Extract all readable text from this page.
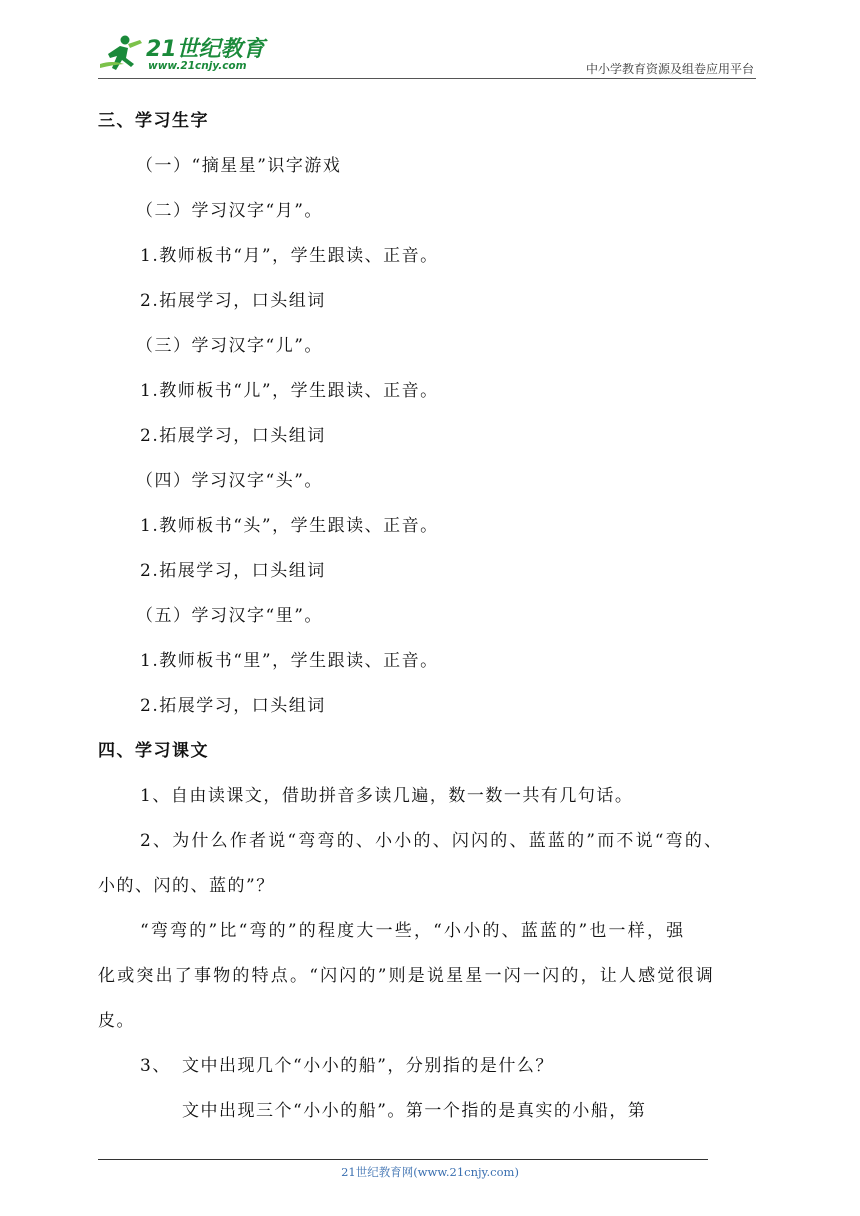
21世纪教育
www.21cnjy.com	中小学教育资源及组卷应用平台
三、学习生字
（一）“摘星星”识字游戏
（二）学习汉字“月”。
1.教师板书“月”，学生跟读、正音。
2.拓展学习，口头组词
（三）学习汉字“儿”。
1.教师板书“儿”，学生跟读、正音。
2.拓展学习，口头组词
（四）学习汉字“头”。
1.教师板书“头”，学生跟读、正音。
2.拓展学习，口头组词
（五）学习汉字“里”。
1.教师板书“里”，学生跟读、正音。
2.拓展学习，口头组词
四、学习课文
1、自由读课文，借助拼音多读几遍，数一数一共有几句话。
2、为什么作者说“弯弯的、小小的、闪闪的、蓝蓝的”而不说“弯的、
小的、闪的、蓝的”？
“弯弯的”比“弯的”的程度大一些，“小小的、蓝蓝的”也一样，强
化或突出了事物的特点。“闪闪的”则是说星星一闪一闪的，让人感觉很调
皮。
3、 文中出现几个“小小的船”，分别指的是什么？
文中出现三个“小小的船”。第一个指的是真实的小船，第
21世纪教育网(www.21cnjy.com)
